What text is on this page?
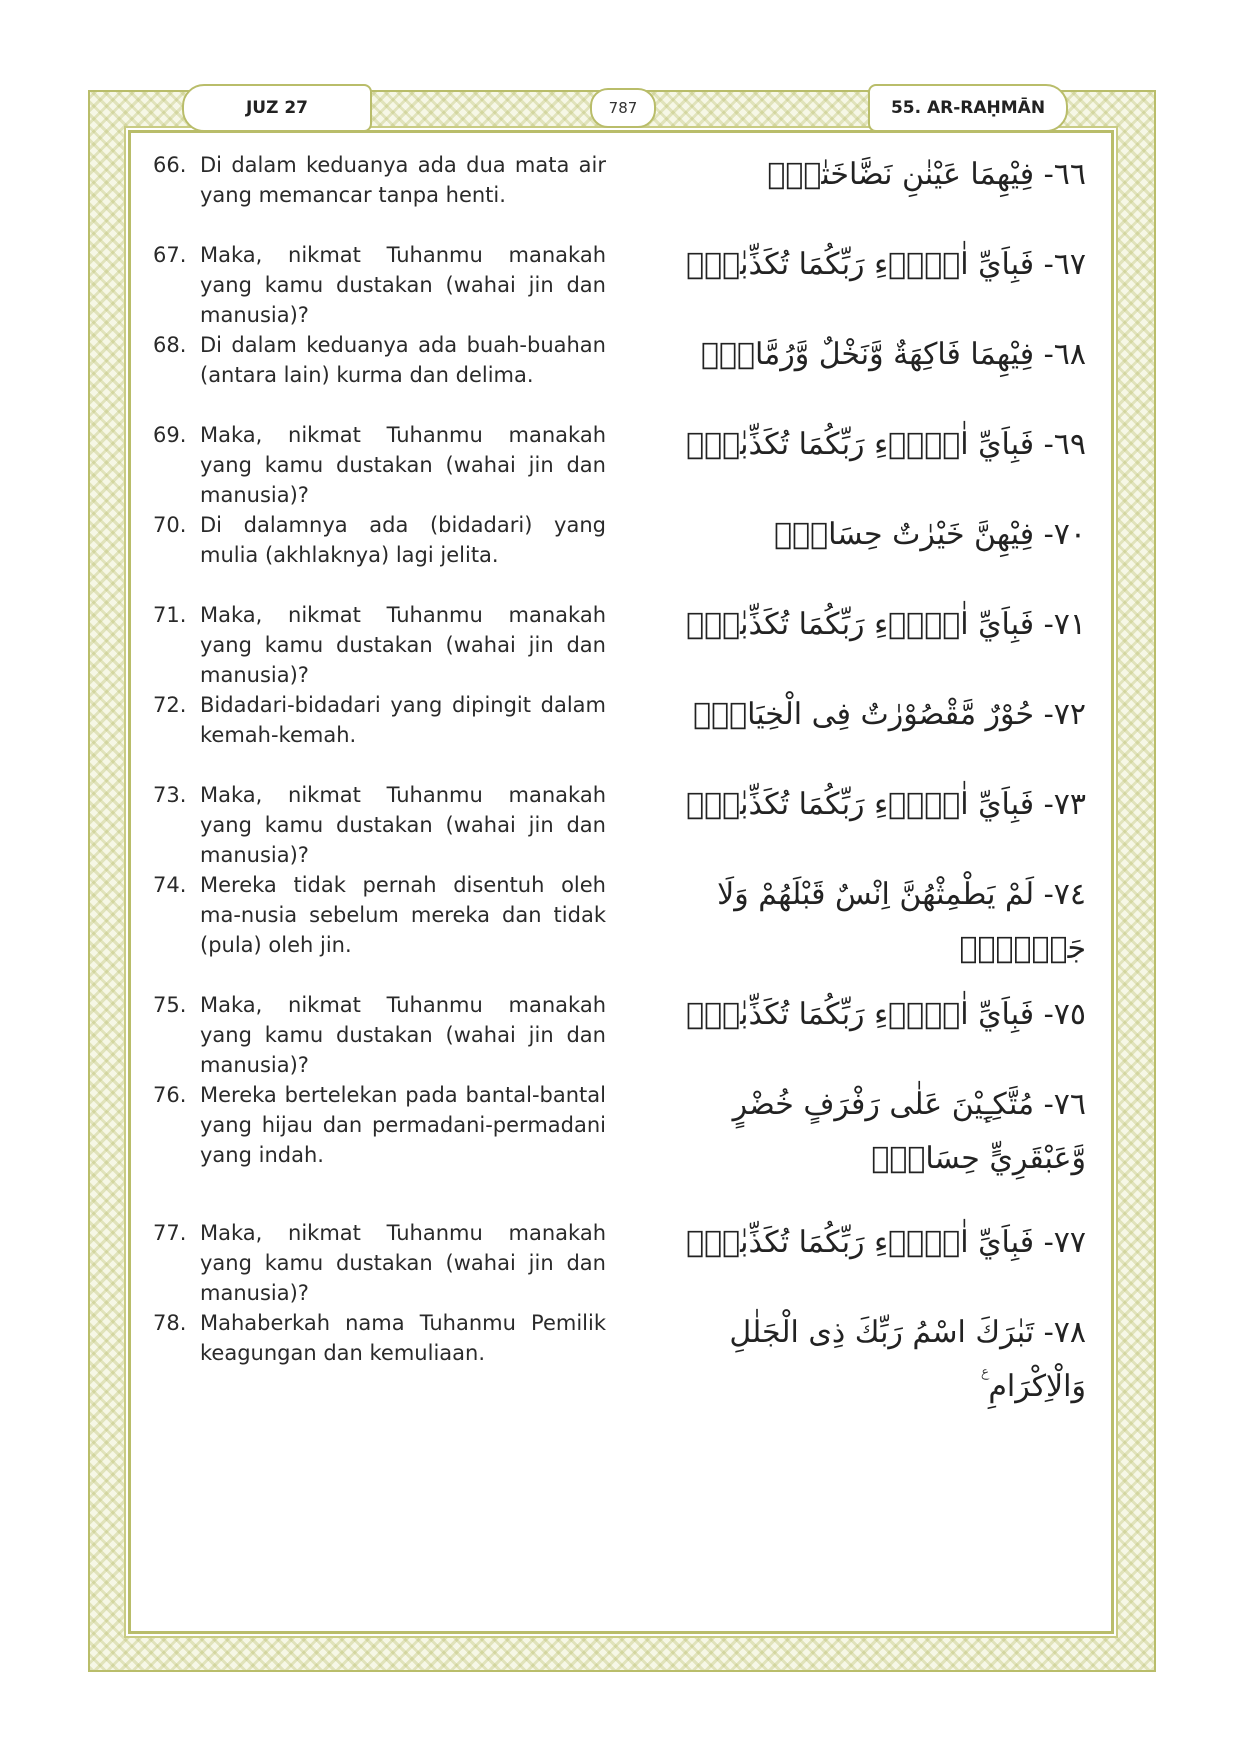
JUZ 27	787	55. AR-RAḤMĀN
66. Di dalam keduanya ada dua mata air yang memancar tanpa henti.
٦٦- فِيْهِمَا عَيْنٰنِ نَضَّاخَتٰنِۚ
67. Maka, nikmat Tuhanmu manakah yang kamu dustakan (wahai jin dan manusia)?
٦٧- فَبِاَيِّ اٰلَاۤءِ رَبِّكُمَا تُكَذِّبٰنِۚ
68. Di dalam keduanya ada buah-buahan (antara lain) kurma dan delima.
٦٨- فِيْهِمَا فَاكِهَةٌ وَّنَخْلٌ وَّرُمَّانٌۚ
69. Maka, nikmat Tuhanmu manakah yang kamu dustakan (wahai jin dan manusia)?
٦٩- فَبِاَيِّ اٰلَاۤءِ رَبِّكُمَا تُكَذِّبٰنِۚ
70. Di dalamnya ada (bidadari) yang mulia (akhlaknya) lagi jelita.
٧٠- فِيْهِنَّ خَيْرٰتٌ حِسَانٌۚ
71. Maka, nikmat Tuhanmu manakah yang kamu dustakan (wahai jin dan manusia)?
٧١- فَبِاَيِّ اٰلَاۤءِ رَبِّكُمَا تُكَذِّبٰنِۚ
72. Bidadari-bidadari yang dipingit dalam kemah-kemah.
٧٢- حُوْرٌ مَّقْصُوْرٰتٌ فِى الْخِيَامِۚ
73. Maka, nikmat Tuhanmu manakah yang kamu dustakan (wahai jin dan manusia)?
٧٣- فَبِاَيِّ اٰلَاۤءِ رَبِّكُمَا تُكَذِّبٰنِۚ
74. Mereka tidak pernah disentuh oleh ma-nusia sebelum mereka dan tidak (pula) oleh jin.
٧٤- لَمْ يَطْمِثْهُنَّ اِنْسٌ قَبْلَهُمْ وَلَا جَاۤنٌّۚ
75. Maka, nikmat Tuhanmu manakah yang kamu dustakan (wahai jin dan manusia)?
٧٥- فَبِاَيِّ اٰلَاۤءِ رَبِّكُمَا تُكَذِّبٰنِۚ
76. Mereka bertelekan pada bantal-bantal yang hijau dan permadani-permadani yang indah.
٧٦- مُتَّكِـِٕيْنَ عَلٰى رَفْرَفٍ خُضْرٍ وَّعَبْقَرِيٍّ حِسَانٍۚ
77. Maka, nikmat Tuhanmu manakah yang kamu dustakan (wahai jin dan manusia)?
٧٧- فَبِاَيِّ اٰلَاۤءِ رَبِّكُمَا تُكَذِّبٰنِۚ
78. Mahaberkah nama Tuhanmu Pemilik keagungan dan kemuliaan.
٧٨- تَبٰرَكَ اسْمُ رَبِّكَ ذِى الْجَلٰلِ وَالْاِكْرَامِ ࣖ
